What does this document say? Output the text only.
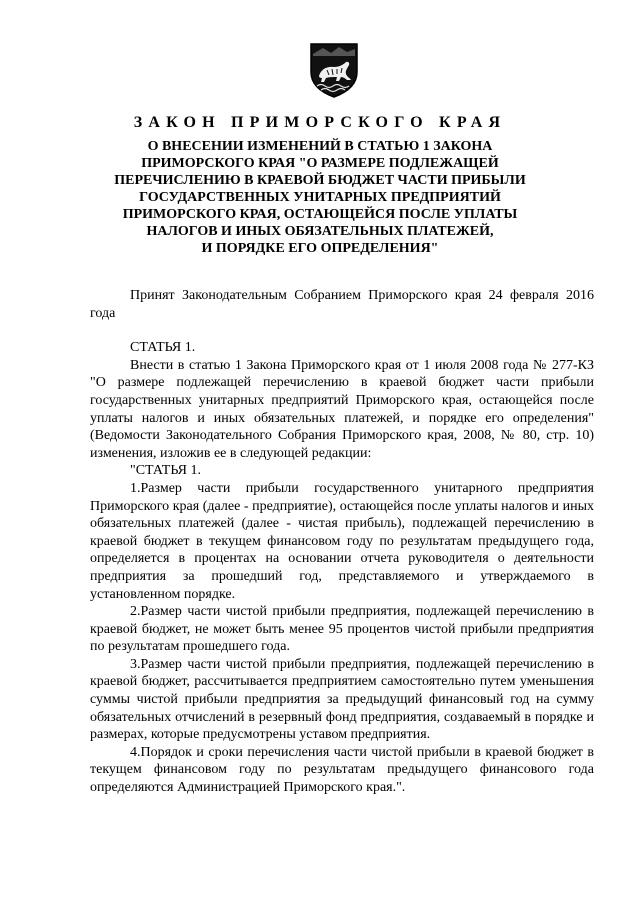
ЗАКОН ПРИМОРСКОГО КРАЯ
О ВНЕСЕНИИ ИЗМЕНЕНИЙ В СТАТЬЮ 1 ЗАКОНА
ПРИМОРСКОГО КРАЯ "О РАЗМЕРЕ ПОДЛЕЖАЩЕЙ
ПЕРЕЧИСЛЕНИЮ В КРАЕВОЙ БЮДЖЕТ ЧАСТИ ПРИБЫЛИ
ГОСУДАРСТВЕННЫХ УНИТАРНЫХ ПРЕДПРИЯТИЙ
ПРИМОРСКОГО КРАЯ, ОСТАЮЩЕЙСЯ ПОСЛЕ УПЛАТЫ
НАЛОГОВ И ИНЫХ ОБЯЗАТЕЛЬНЫХ ПЛАТЕЖЕЙ,
И ПОРЯДКЕ ЕГО ОПРЕДЕЛЕНИЯ"

Принят Законодательным Собранием Приморского края 24 февраля 2016 года

СТАТЬЯ 1.

Внести в статью 1 Закона Приморского края от 1 июля 2008 года № 277-КЗ "О размере подлежащей перечислению в краевой бюджет части прибыли государственных унитарных предприятий Приморского края, остающейся после уплаты налогов и иных обязательных платежей, и порядке его определения" (Ведомости Законодательного Собрания Приморского края, 2008, № 80, стр. 10) изменения, изложив ее в следующей редакции:

"СТАТЬЯ 1.

1.Размер части прибыли государственного унитарного предприятия Приморского края (далее - предприятие), остающейся после уплаты налогов и иных обязательных платежей (далее - чистая прибыль), подлежащей перечислению в краевой бюджет в текущем финансовом году по результатам предыдущего года, определяется в процентах на основании отчета руководителя о деятельности предприятия за прошедший год, представляемого и утверждаемого в установленном порядке.

2.Размер части чистой прибыли предприятия, подлежащей перечислению в краевой бюджет, не может быть менее 95 процентов чистой прибыли предприятия по результатам прошедшего года.

3.Размер части чистой прибыли предприятия, подлежащей перечислению в краевой бюджет, рассчитывается предприятием самостоятельно путем уменьшения суммы чистой прибыли предприятия за предыдущий финансовый год на сумму обязательных отчислений в резервный фонд предприятия, создаваемый в порядке и размерах, которые предусмотрены уставом предприятия.

4.Порядок и сроки перечисления части чистой прибыли в краевой бюджет в текущем финансовом году по результатам предыдущего финансового года определяются Администрацией Приморского края.".
